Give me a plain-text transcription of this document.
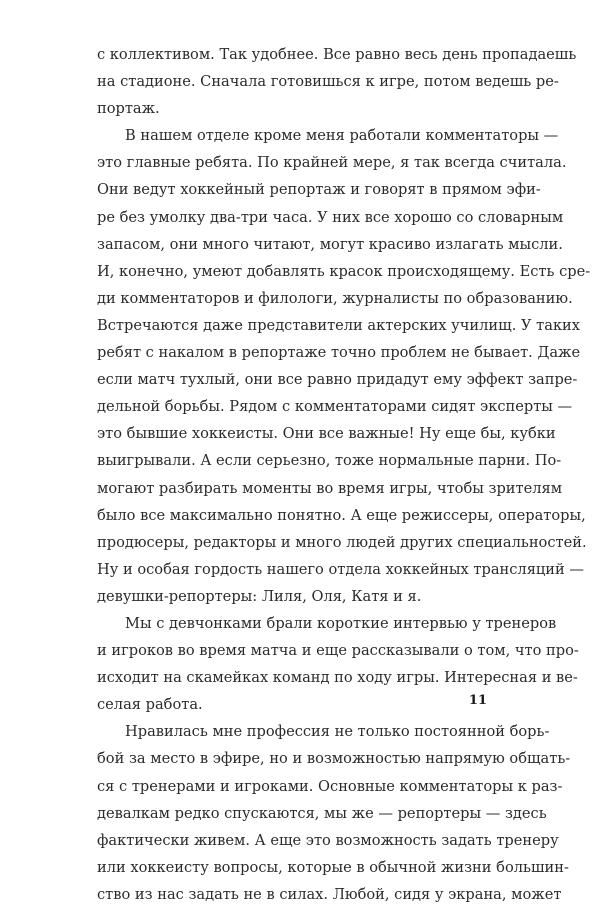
с коллективом. Так удобнее. Все равно весь день пропадаешь
на стадионе. Сначала готовишься к игре, потом ведешь ре-
портаж.
В нашем отделе кроме меня работали комментаторы —
это главные ребята. По крайней мере, я так всегда считала.
Они ведут хоккейный репортаж и говорят в прямом эфи-
ре без умолку два-три часа. У них все хорошо со словарным
запасом, они много читают, могут красиво излагать мысли.
И, конечно, умеют добавлять красок происходящему. Есть сре-
ди комментаторов и филологи, журналисты по образованию.
Встречаются даже представители актерских училищ. У таких
ребят с накалом в репортаже точно проблем не бывает. Даже
если матч тухлый, они все равно придадут ему эффект запре-
дельной борьбы. Рядом с комментаторами сидят эксперты —
это бывшие хоккеисты. Они все важные! Ну еще бы, кубки
выигрывали. А если серьезно, тоже нормальные парни. По-
могают разбирать моменты во время игры, чтобы зрителям
было все максимально понятно. А еще режиссеры, операторы,
продюсеры, редакторы и много людей других специальностей.
Ну и особая гордость нашего отдела хоккейных трансляций —
девушки-репортеры: Лиля, Оля, Катя и я.
Мы с девчонками брали короткие интервью у тренеров
и игроков во время матча и еще рассказывали о том, что про-
исходит на скамейках команд по ходу игры. Интересная и ве-
селая работа.
Нравилась мне профессия не только постоянной борь-
бой за место в эфире, но и возможностью напрямую общать-
ся с тренерами и игроками. Основные комментаторы к раз-
девалкам редко спускаются, мы же — репортеры — здесь
фактически живем. А еще это возможность задать тренеру
или хоккеисту вопросы, которые в обычной жизни большин-
ство из нас задать не в силах. Любой, сидя у экрана, может
11
